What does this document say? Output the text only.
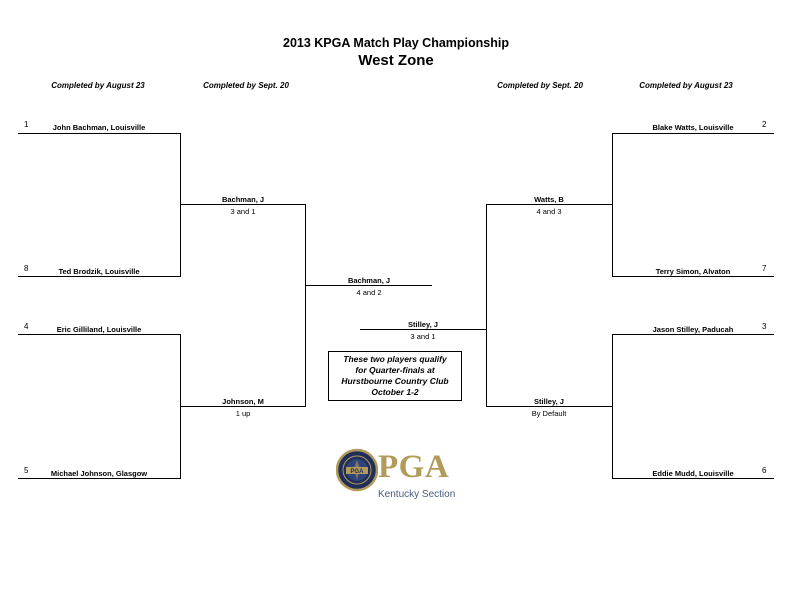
2013 KPGA Match Play Championship
West Zone
Completed by August 23	Completed by Sept. 20	Completed by Sept. 20	Completed by August 23
1	John Bachman, Louisville
8	Ted Brodzik, Louisville
4	Eric Gilliland, Louisville
5	Michael Johnson, Glasgow
Bachman, J
3 and 1
Johnson, M
1 up
Bachman, J
4 and 2
2
Blake Watts, Louisville
7
Terry Simon, Alvaton
3
Jason Stilley, Paducah
6
Eddie Mudd, Louisville
Watts, B
4 and 3
Stilley, J
By Default
Stilley, J
3 and 1
These two players qualify
for Quarter-finals at
Hurstbourne Country Club
October 1-2
PGA PGA
Kentucky Section
